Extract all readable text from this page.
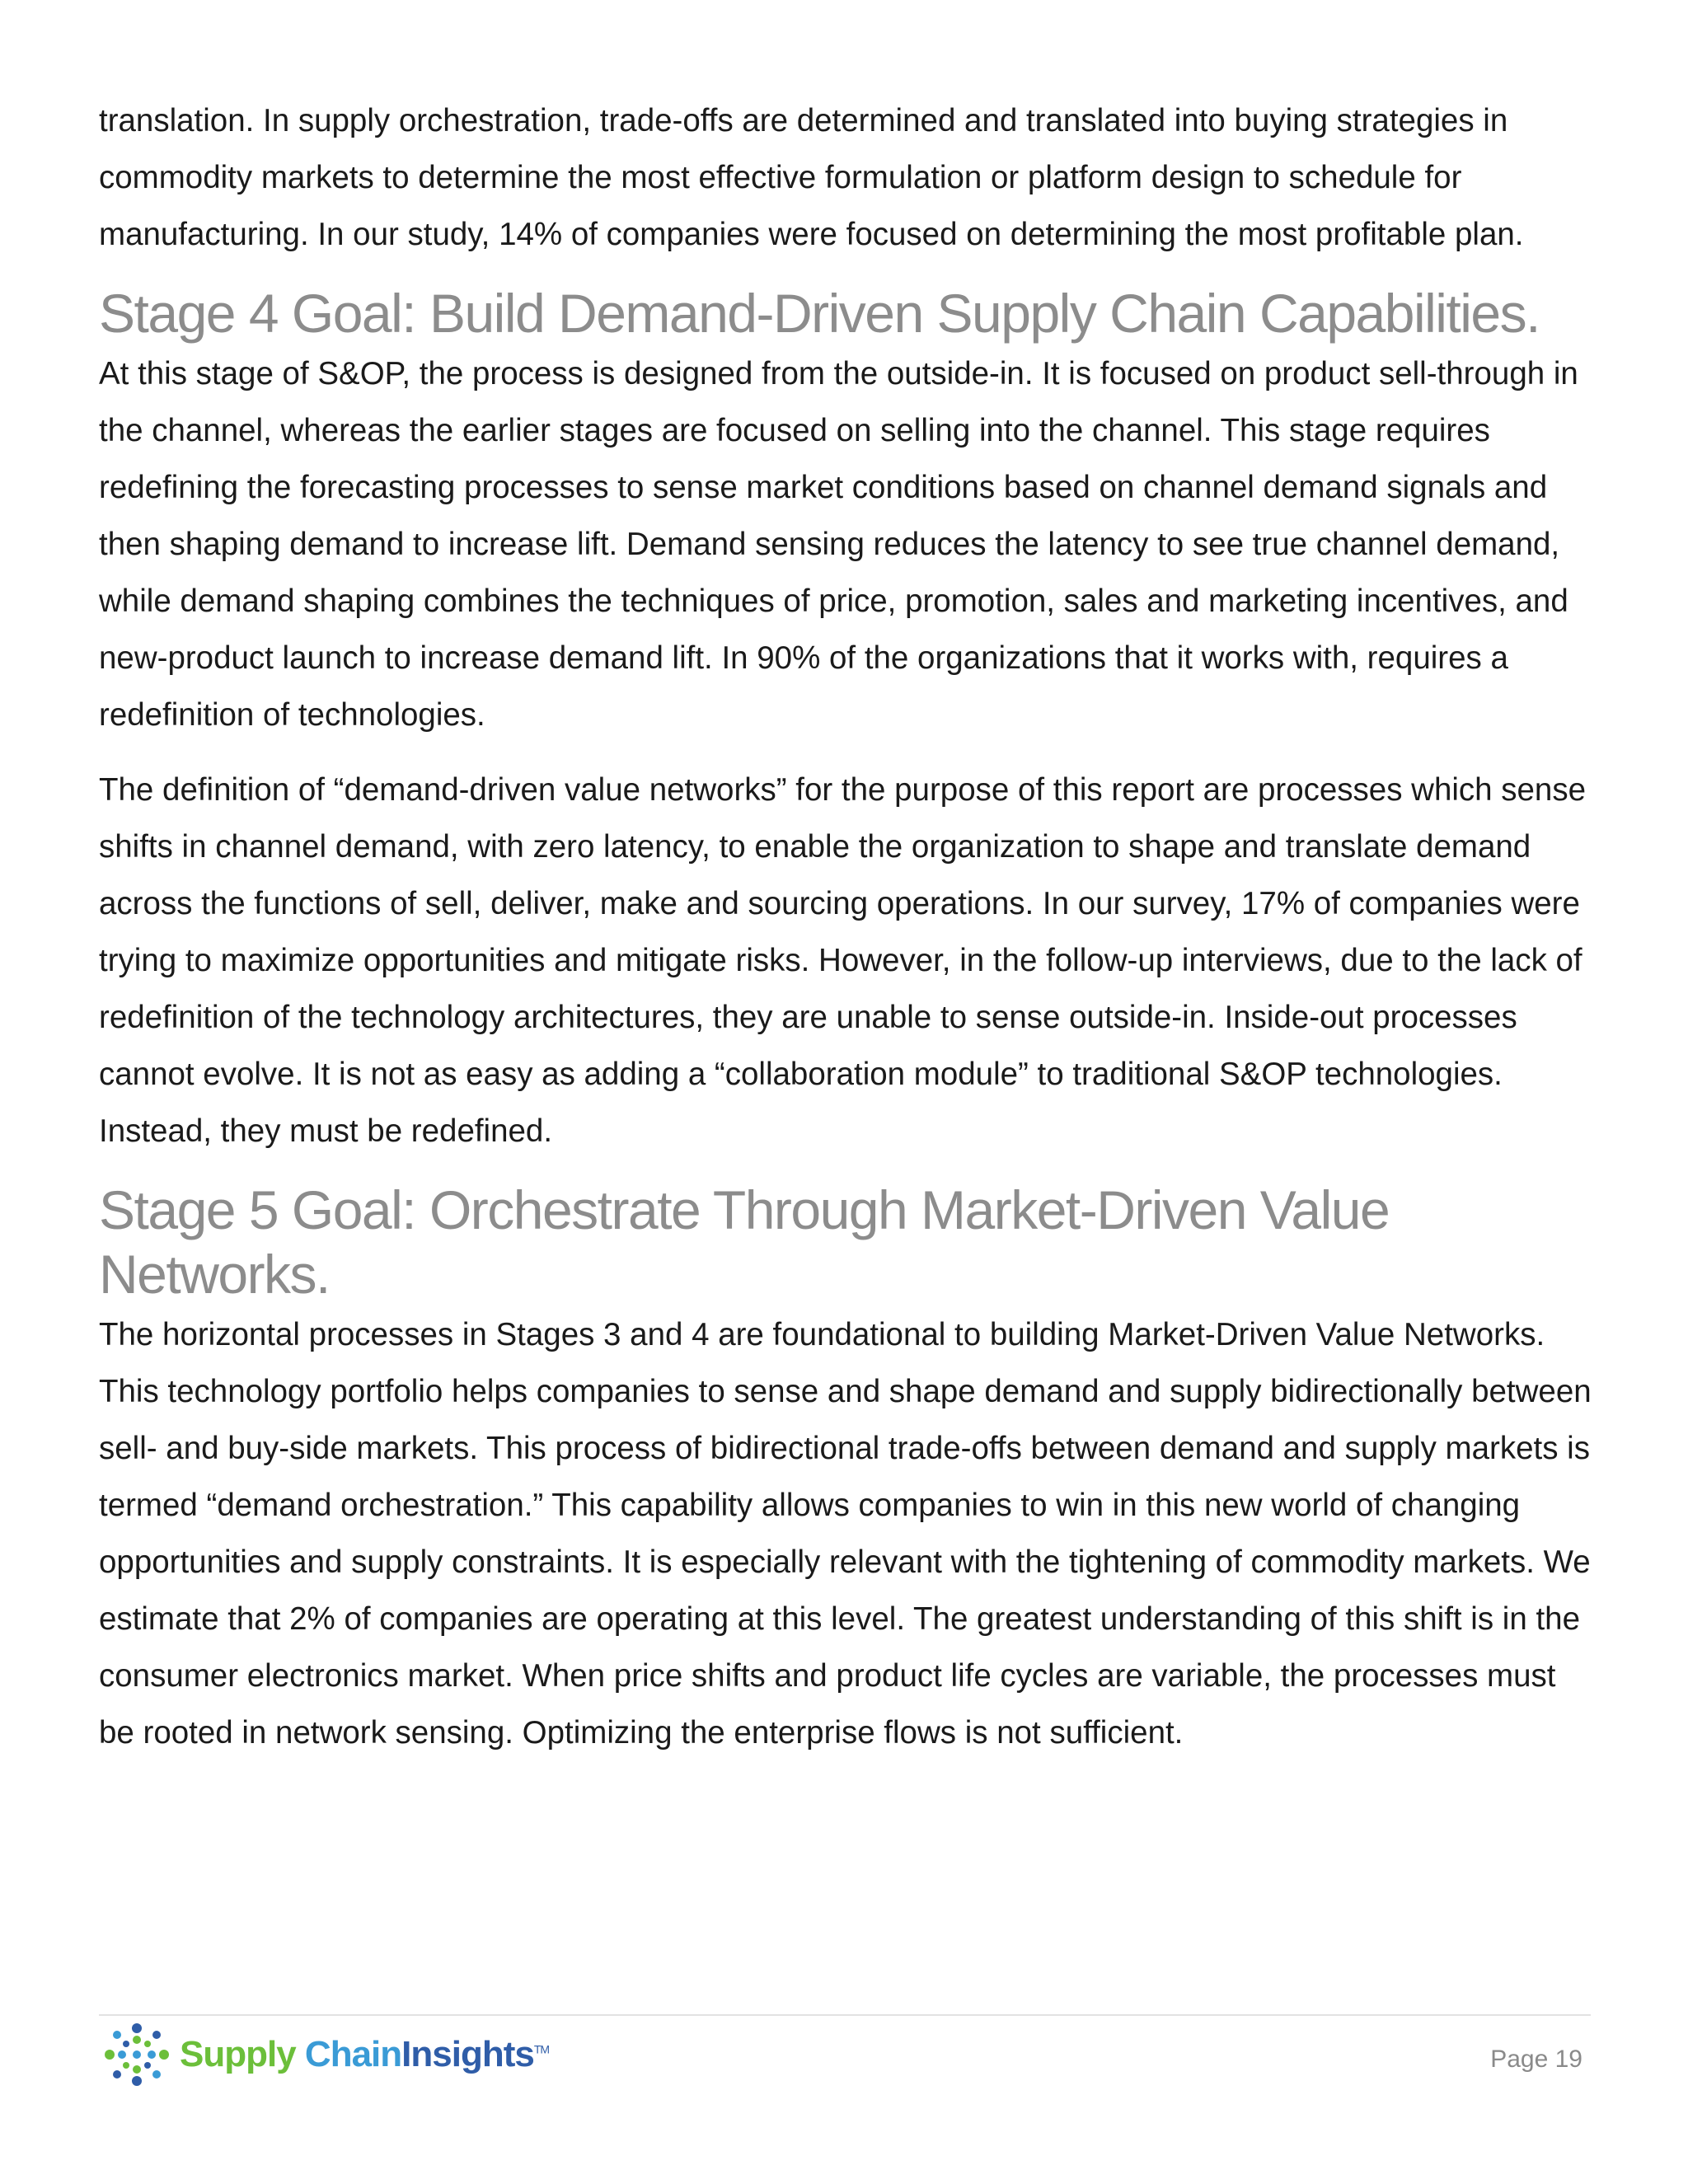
translation. In supply orchestration, trade-offs are determined and translated into buying strategies in commodity markets to determine the most effective formulation or platform design to schedule for manufacturing. In our study, 14% of companies were focused on determining the most profitable plan.

Stage 4 Goal: Build Demand-Driven Supply Chain Capabilities.

At this stage of S&OP, the process is designed from the outside-in. It is focused on product sell-through in the channel, whereas the earlier stages are focused on selling into the channel. This stage requires redefining the forecasting processes to sense market conditions based on channel demand signals and then shaping demand to increase lift. Demand sensing reduces the latency to see true channel demand, while demand shaping combines the techniques of price, promotion, sales and marketing incentives, and new-product launch to increase demand lift. In 90% of the organizations that it works with, requires a redefinition of technologies.

The definition of “demand-driven value networks” for the purpose of this report are processes which sense shifts in channel demand, with zero latency, to enable the organization to shape and translate demand across the functions of sell, deliver, make and sourcing operations. In our survey, 17% of companies were trying to maximize opportunities and mitigate risks. However, in the follow-up interviews, due to the lack of redefinition of the technology architectures, they are unable to sense outside-in. Inside-out processes cannot evolve. It is not as easy as adding a “collaboration module” to traditional S&OP technologies. Instead, they must be redefined.

Stage 5 Goal: Orchestrate Through Market-Driven Value Networks.

The horizontal processes in Stages 3 and 4 are foundational to building Market-Driven Value Networks. This technology portfolio helps companies to sense and shape demand and supply bidirectionally between sell- and buy-side markets. This process of bidirectional trade-offs between demand and supply markets is termed “demand orchestration.” This capability allows companies to win in this new world of changing opportunities and supply constraints. It is especially relevant with the tightening of commodity markets. We estimate that 2% of companies are operating at this level. The greatest understanding of this shift is in the consumer electronics market. When price shifts and product life cycles are variable, the processes must be rooted in network sensing. Optimizing the enterprise flows is not sufficient.

Supply ChainInsights™	Page 19
